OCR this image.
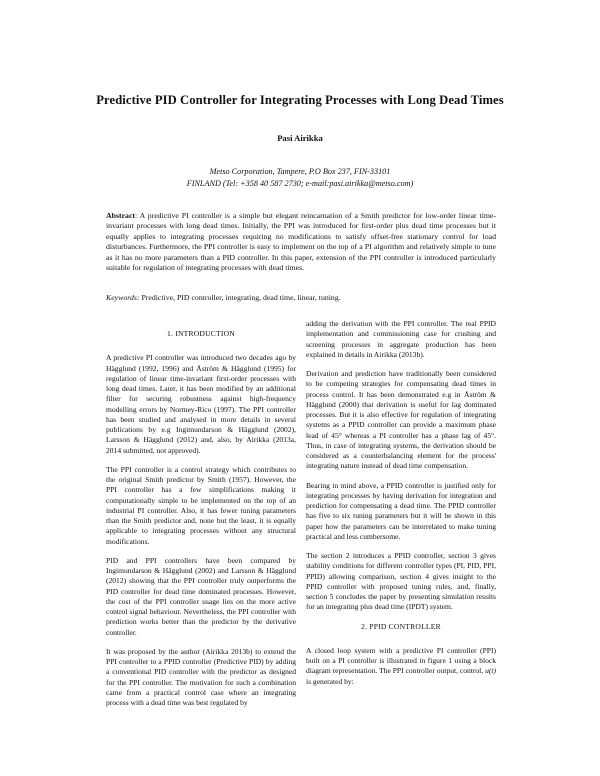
Predictive PID Controller for Integrating Processes with Long Dead Times
Pasi Airikka
Metso Corporation, Tampere, P.O Box 237, FIN-33101
FINLAND (Tel: +358 40 587 2730; e-mail:pasi.airikka@metso.com)
Abstract: A predictive PI controller is a simple but elegant reincarnation of a Smith predictor for low-order linear time-invariant processes with long dead times. Initially, the PPI was introduced for first-order plus dead time processes but it equally applies to integrating processes requiring no modifications to satisfy offset-free stationary control for load disturbances. Furthermore, the PPI controller is easy to implement on the top of a PI algorithm and relatively simple to tune as it has no more parameters than a PID controller. In this paper, extension of the PPI controller is introduced particularly suitable for regulation of integrating processes with dead times.
Keywords: Predictive, PID controller, integrating, dead time, linear, tuning.
1. INTRODUCTION

A predictive PI controller was introduced two decades ago by Hägglund (1992, 1996) and Åström & Hägglund (1995) for regulation of linear time-invariant first-order processes with long dead times. Later, it has been modified by an additional filter for securing robustness against high-frequency modelling errors by Normey-Rico (1997). The PPI controller has been studied and analysed in more details in several publications by e.g Ingimundarson & Hägglund (2002), Larsson & Hägglund (2012) and, also, by Airikka (2013a, 2014 submitted, not approved).

The PPI controller is a control strategy which contributes to the original Smith predictor by Smith (1957). However, the PPI controller has a few simplifications making it computationally simple to be implemented on the top of an industrial PI controller. Also, it has fewer tuning parameters than the Smith predictor and, none but the least, it is equally applicable to integrating processes without any structural modifications.

PID and PPI controllers have been compared by Ingimundarson & Hägglund (2002) and Larsson & Hägglund (2012) showing that the PPI controller truly outperforms the PID controller for dead time dominated processes. However, the cost of the PPI controller usage lies on the more active control signal behaviour. Nevertheless, the PPI controller with prediction works better than the predictor by the derivative controller.

It was proposed by the author (Airikka 2013b) to extend the PPI controller to a PPID controller (Predictive PID) by adding a conventional PID controller with the predictor as designed for the PPI controller. The motivation for such a combination came from a practical control case where an integrating process with a dead time was best regulated by

adding the derivation with the PPI controller. The real PPID implementation and commissioning case for crushing and screening processes in aggregate production has been explained in details in Airikka (2013b).

Derivation and prediction have traditionally been considered to be competing strategies for compensating dead times in process control. It has been demonstrated e.g in Åström & Hägglund (2000) that derivation is useful for lag dominated processes. But it is also effective for regulation of integrating systems as a PPID controller can provide a maximum phase lead of 45° whereas a PI controller has a phase lag of 45°. Thus, in case of integrating systems, the derivation should be considered as a counterbalancing element for the process' integrating nature instead of dead time compensation.

Bearing in mind above, a PPID controller is justified only for integrating processes by having derivation for integration and prediction for compensating a dead time. The PPID controller has five to six tuning parameters but it will be shown in this paper how the parameters can be interrelated to make tuning practical and less cumbersome.

The section 2 introduces a PPID controller, section 3 gives stability conditions for different controller types (PI, PID, PPI, PPID) allowing comparison, section 4 gives insight to the PPID controller with proposed tuning rules, and, finally, section 5 concludes the paper by presenting simulation results for an integrating plus dead time (IPDT) system.

2. PPID CONTROLLER

A closed loop system with a predictive PI controller (PPI) built on a PI controller is illustrated in figure 1 using a block diagram representation. The PPI controller output, control, u(t) is generated by:
